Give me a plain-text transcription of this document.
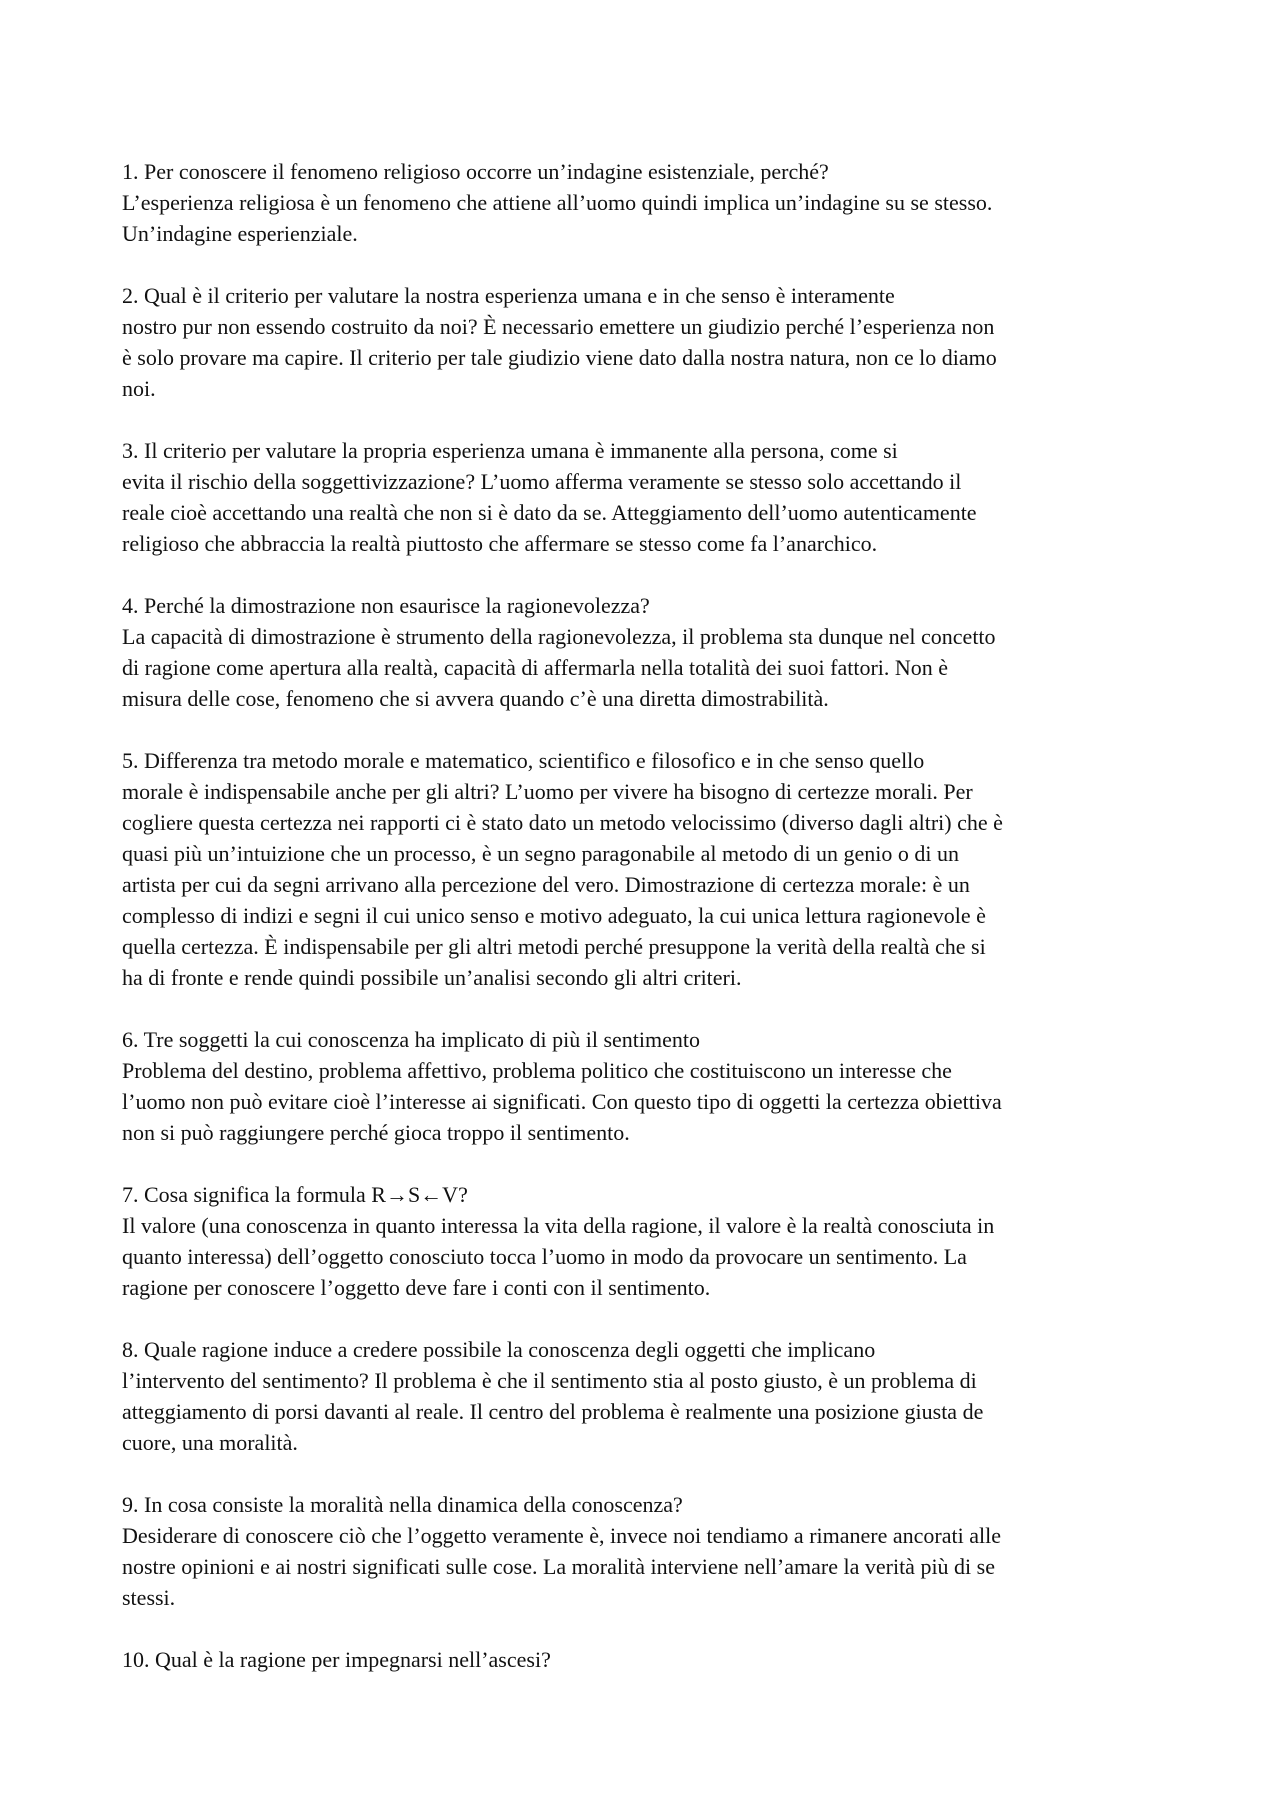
1. Per conoscere il fenomeno religioso occorre un’indagine esistenziale, perché?
L’esperienza religiosa è un fenomeno che attiene all’uomo quindi implica un’indagine su se stesso.
Un’indagine esperienziale.
2. Qual è il criterio per valutare la nostra esperienza umana e in che senso è interamente
nostro pur non essendo costruito da noi? È necessario emettere un giudizio perché l’esperienza non
è solo provare ma capire. Il criterio per tale giudizio viene dato dalla nostra natura, non ce lo diamo
noi.
3. Il criterio per valutare la propria esperienza umana è immanente alla persona, come si
evita il rischio della soggettivizzazione? L’uomo afferma veramente se stesso solo accettando il
reale cioè accettando una realtà che non si è dato da se. Atteggiamento dell’uomo autenticamente
religioso che abbraccia la realtà piuttosto che affermare se stesso come fa l’anarchico.
4. Perché la dimostrazione non esaurisce la ragionevolezza?
La capacità di dimostrazione è strumento della ragionevolezza, il problema sta dunque nel concetto
di ragione come apertura alla realtà, capacità di affermarla nella totalità dei suoi fattori. Non è
misura delle cose, fenomeno che si avvera quando c’è una diretta dimostrabilità.
5. Differenza tra metodo morale e matematico, scientifico e filosofico e in che senso quello
morale è indispensabile anche per gli altri? L’uomo per vivere ha bisogno di certezze morali. Per
cogliere questa certezza nei rapporti ci è stato dato un metodo velocissimo (diverso dagli altri) che è
quasi più un’intuizione che un processo, è un segno paragonabile al metodo di un genio o di un
artista per cui da segni arrivano alla percezione del vero. Dimostrazione di certezza morale: è un
complesso di indizi e segni il cui unico senso e motivo adeguato, la cui unica lettura ragionevole è
quella certezza. È indispensabile per gli altri metodi perché presuppone la verità della realtà che si
ha di fronte e rende quindi possibile un’analisi secondo gli altri criteri.
6. Tre soggetti la cui conoscenza ha implicato di più il sentimento
Problema del destino, problema affettivo, problema politico che costituiscono un interesse che
l’uomo non può evitare cioè l’interesse ai significati. Con questo tipo di oggetti la certezza obiettiva
non si può raggiungere perché gioca troppo il sentimento.
7. Cosa significa la formula R→S←V?
Il valore (una conoscenza in quanto interessa la vita della ragione, il valore è la realtà conosciuta in
quanto interessa) dell’oggetto conosciuto tocca l’uomo in modo da provocare un sentimento. La
ragione per conoscere l’oggetto deve fare i conti con il sentimento.
8. Quale ragione induce a credere possibile la conoscenza degli oggetti che implicano
l’intervento del sentimento? Il problema è che il sentimento stia al posto giusto, è un problema di
atteggiamento di porsi davanti al reale. Il centro del problema è realmente una posizione giusta de
cuore, una moralità.
9. In cosa consiste la moralità nella dinamica della conoscenza?
Desiderare di conoscere ciò che l’oggetto veramente è, invece noi tendiamo a rimanere ancorati alle
nostre opinioni e ai nostri significati sulle cose. La moralità interviene nell’amare la verità più di se
stessi.
10. Qual è la ragione per impegnarsi nell’ascesi?
